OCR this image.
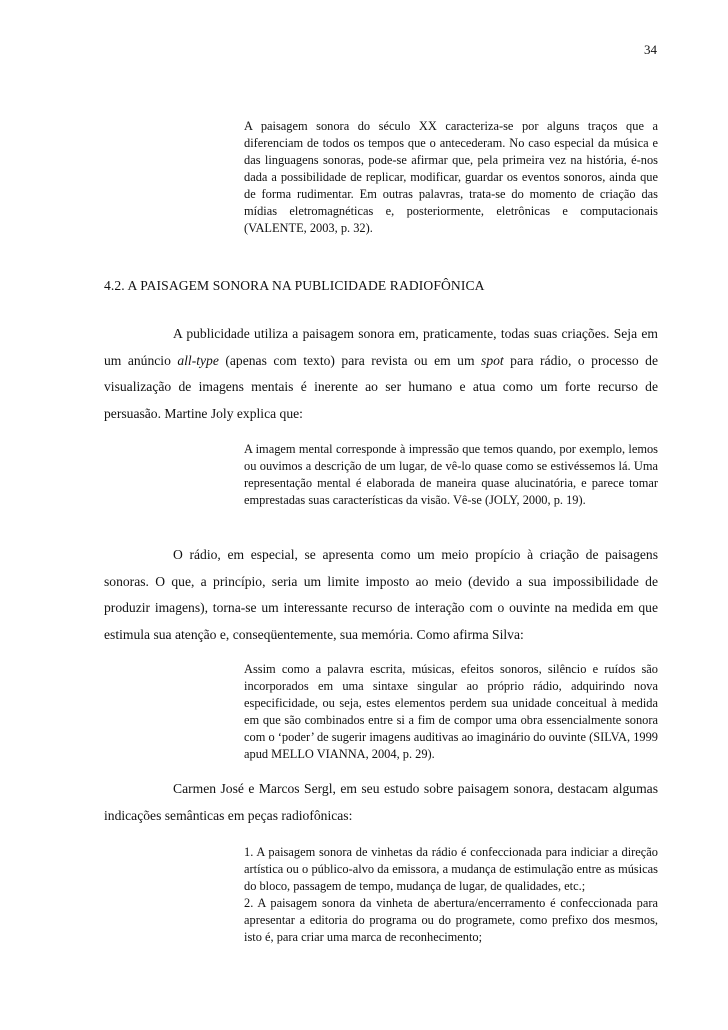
34

A paisagem sonora do século XX caracteriza-se por alguns traços que a diferenciam de todos os tempos que o antecederam. No caso especial da música e das linguagens sonoras, pode-se afirmar que, pela primeira vez na história, é-nos dada a possibilidade de replicar, modificar, guardar os eventos sonoros, ainda que de forma rudimentar. Em outras palavras, trata-se do momento de criação das mídias eletromagnéticas e, posteriormente, eletrônicas e computacionais (VALENTE, 2003, p. 32).

4.2. A PAISAGEM SONORA NA PUBLICIDADE RADIOFÔNICA

A publicidade utiliza a paisagem sonora em, praticamente, todas suas criações. Seja em um anúncio all-type (apenas com texto) para revista ou em um spot para rádio, o processo de visualização de imagens mentais é inerente ao ser humano e atua como um forte recurso de persuasão. Martine Joly explica que:

A imagem mental corresponde à impressão que temos quando, por exemplo, lemos ou ouvimos a descrição de um lugar, de vê-lo quase como se estivéssemos lá. Uma representação mental é elaborada de maneira quase alucinatória, e parece tomar emprestadas suas características da visão. Vê-se (JOLY, 2000, p. 19).

O rádio, em especial, se apresenta como um meio propício à criação de paisagens sonoras. O que, a princípio, seria um limite imposto ao meio (devido a sua impossibilidade de produzir imagens), torna-se um interessante recurso de interação com o ouvinte na medida em que estimula sua atenção e, conseqüentemente, sua memória. Como afirma Silva:

Assim como a palavra escrita, músicas, efeitos sonoros, silêncio e ruídos são incorporados em uma sintaxe singular ao próprio rádio, adquirindo nova especificidade, ou seja, estes elementos perdem sua unidade conceitual à medida em que são combinados entre si a fim de compor uma obra essencialmente sonora com o ‘poder’ de sugerir imagens auditivas ao imaginário do ouvinte (SILVA, 1999 apud MELLO VIANNA, 2004, p. 29).

Carmen José e Marcos Sergl, em seu estudo sobre paisagem sonora, destacam algumas indicações semânticas em peças radiofônicas:

1. A paisagem sonora de vinhetas da rádio é confeccionada para indiciar a direção artística ou o público-alvo da emissora, a mudança de estimulação entre as músicas do bloco, passagem de tempo, mudança de lugar, de qualidades, etc.;

2. A paisagem sonora da vinheta de abertura/encerramento é confeccionada para apresentar a editoria do programa ou do programete, como prefixo dos mesmos, isto é, para criar uma marca de reconhecimento;
